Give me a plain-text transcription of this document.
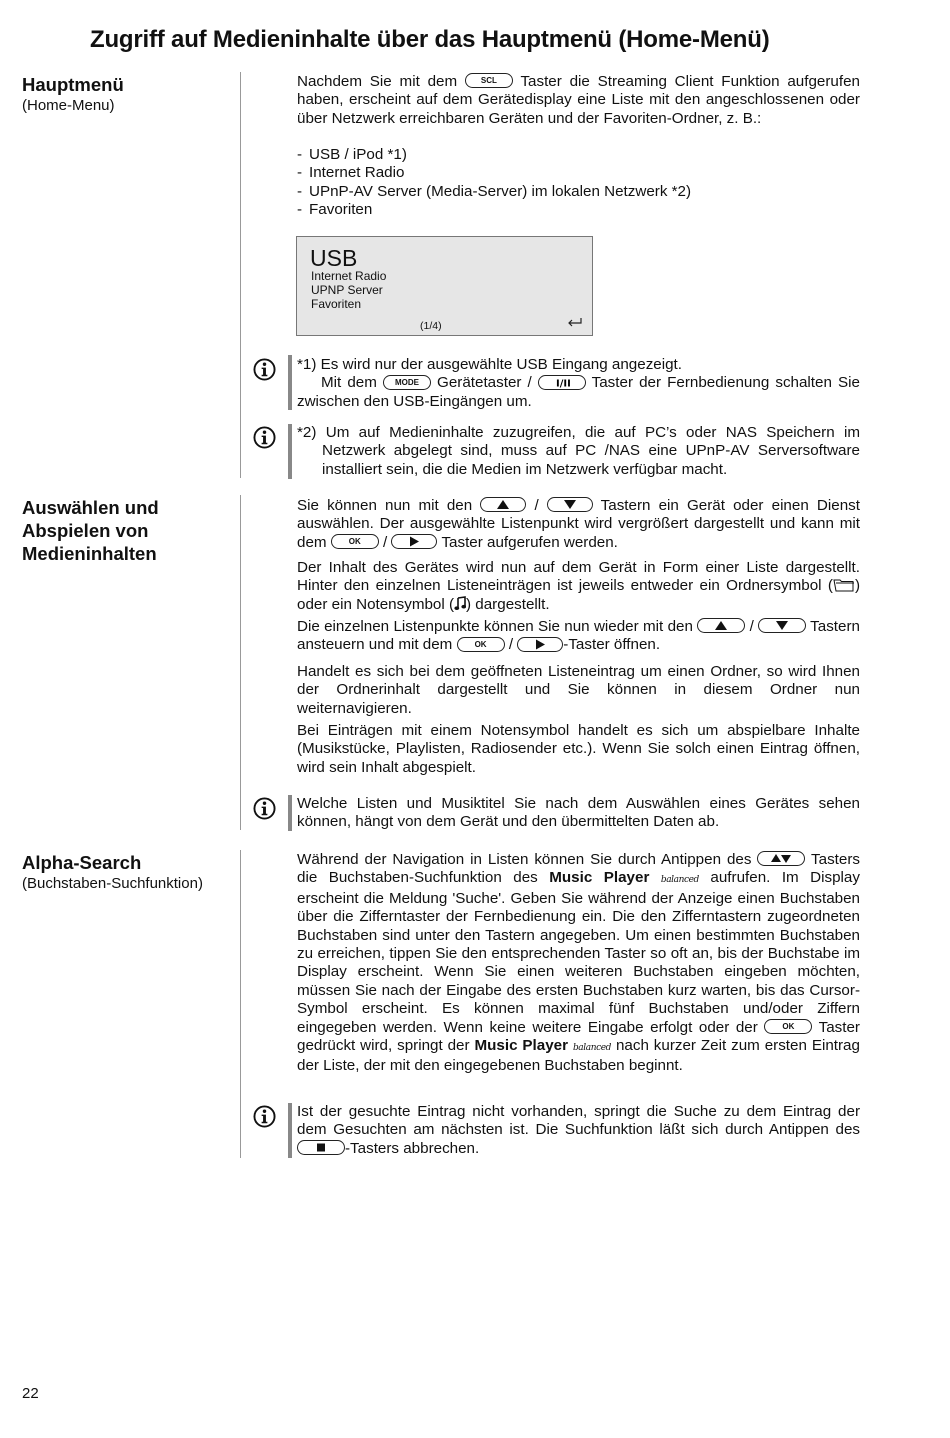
Zugriff auf Medieninhalte über das Hauptmenü (Home-Menü)
Hauptmenü
(Home-Menu)
Auswählen und Abspielen von Medieninhalten
Alpha-Search
(Buchstaben-Suchfunktion)
Nachdem Sie mit dem	SCL Taster die Streaming Client Funktion aufgerufen haben, erscheint auf dem Gerätedisplay eine Liste mit den angeschlossenen oder über Netzwerk erreichbaren Geräten und der Favoriten-Ordner, z. B.:
- USB / iPod *1)
- Internet Radio
- UPnP-AV Server (Media-Server) im lokalen Netzwerk *2)
- Favoriten
USB
Internet Radio
UPNP Server
Favoriten
(1/4)
*1) Es wird nur der ausgewählte USB Eingang angezeigt.
Mit dem MODE Gerätetaster / I/II Taster der Fernbedienung schalten Sie zwischen den USB-Eingängen um.
*2) Um auf Medieninhalte zuzugreifen, die auf PC’s oder NAS Speichern im Netzwerk abgelegt sind, muss auf PC /NAS eine UPnP-AV Serversoftware installiert sein, die die Medien im Netzwerk verfügbar macht.
Sie können nun mit den	/	Tastern ein Gerät oder einen Dienst auswählen. Der ausgewählte Listenpunkt wird vergrößert dargestellt und kann mit dem	OK /	Taster aufgerufen werden.
Der Inhalt des Gerätes wird nun auf dem Gerät in Form einer Liste dargestellt. Hinter den einzelnen Listeneinträgen ist jeweils entweder ein Ordnersymbol ( ) oder ein Notensymbol ( ) dargestellt.
Die einzelnen Listenpunkte können Sie nun wieder mit den	/	Tastern ansteuern und mit dem	OK /	-Taster öffnen.
Handelt es sich bei dem geöffneten Listeneintrag um einen Ordner, so wird Ihnen der Ordnerinhalt dargestellt und Sie können in diesem Ordner nun weiternavigieren.
Bei Einträgen mit einem Notensymbol handelt es sich um abspielbare Inhalte (Musikstücke, Playlisten, Radiosender etc.). Wenn Sie solch einen Eintrag öffnen, wird sein Inhalt abgespielt.
Welche Listen und Musiktitel Sie nach dem Auswählen eines Gerätes sehen können, hängt von dem Gerät und den übermittelten Daten ab.
Während der Navigation in Listen können Sie durch Antippen des	Tasters die Buchstaben-Suchfunktion des Music Player balanced aufrufen. Im Display erscheint die Meldung 'Suche'. Geben Sie während der Anzeige einen Buchstaben über die Zifferntaster der Fernbedienung ein. Die den Zifferntastern zugeordneten Buchstaben sind unter den Tastern angegeben. Um einen bestimmten Buchstaben zu erreichen, tippen Sie den entsprechenden Taster so oft an, bis der Buchstabe im Display erscheint. Wenn Sie einen weiteren Buchstaben eingeben möchten, müssen Sie nach der Eingabe des ersten Buchstaben kurz warten, bis das Cursor-Symbol erscheint. Es können maximal fünf Buchstaben und/oder Ziffern eingegeben werden. Wenn keine weitere Eingabe erfolgt oder der	OK Taster gedrückt wird, springt der Music Player balanced nach kurzer Zeit zum ersten Eintrag der Liste, der mit den eingegebenen Buchstaben beginnt.
Ist der gesuchte Eintrag nicht vorhanden, springt die Suche zu dem Eintrag der dem Gesuchten am nächsten ist. Die Suchfunktion läßt sich durch Antippen des
-Tasters abbrechen.
22
